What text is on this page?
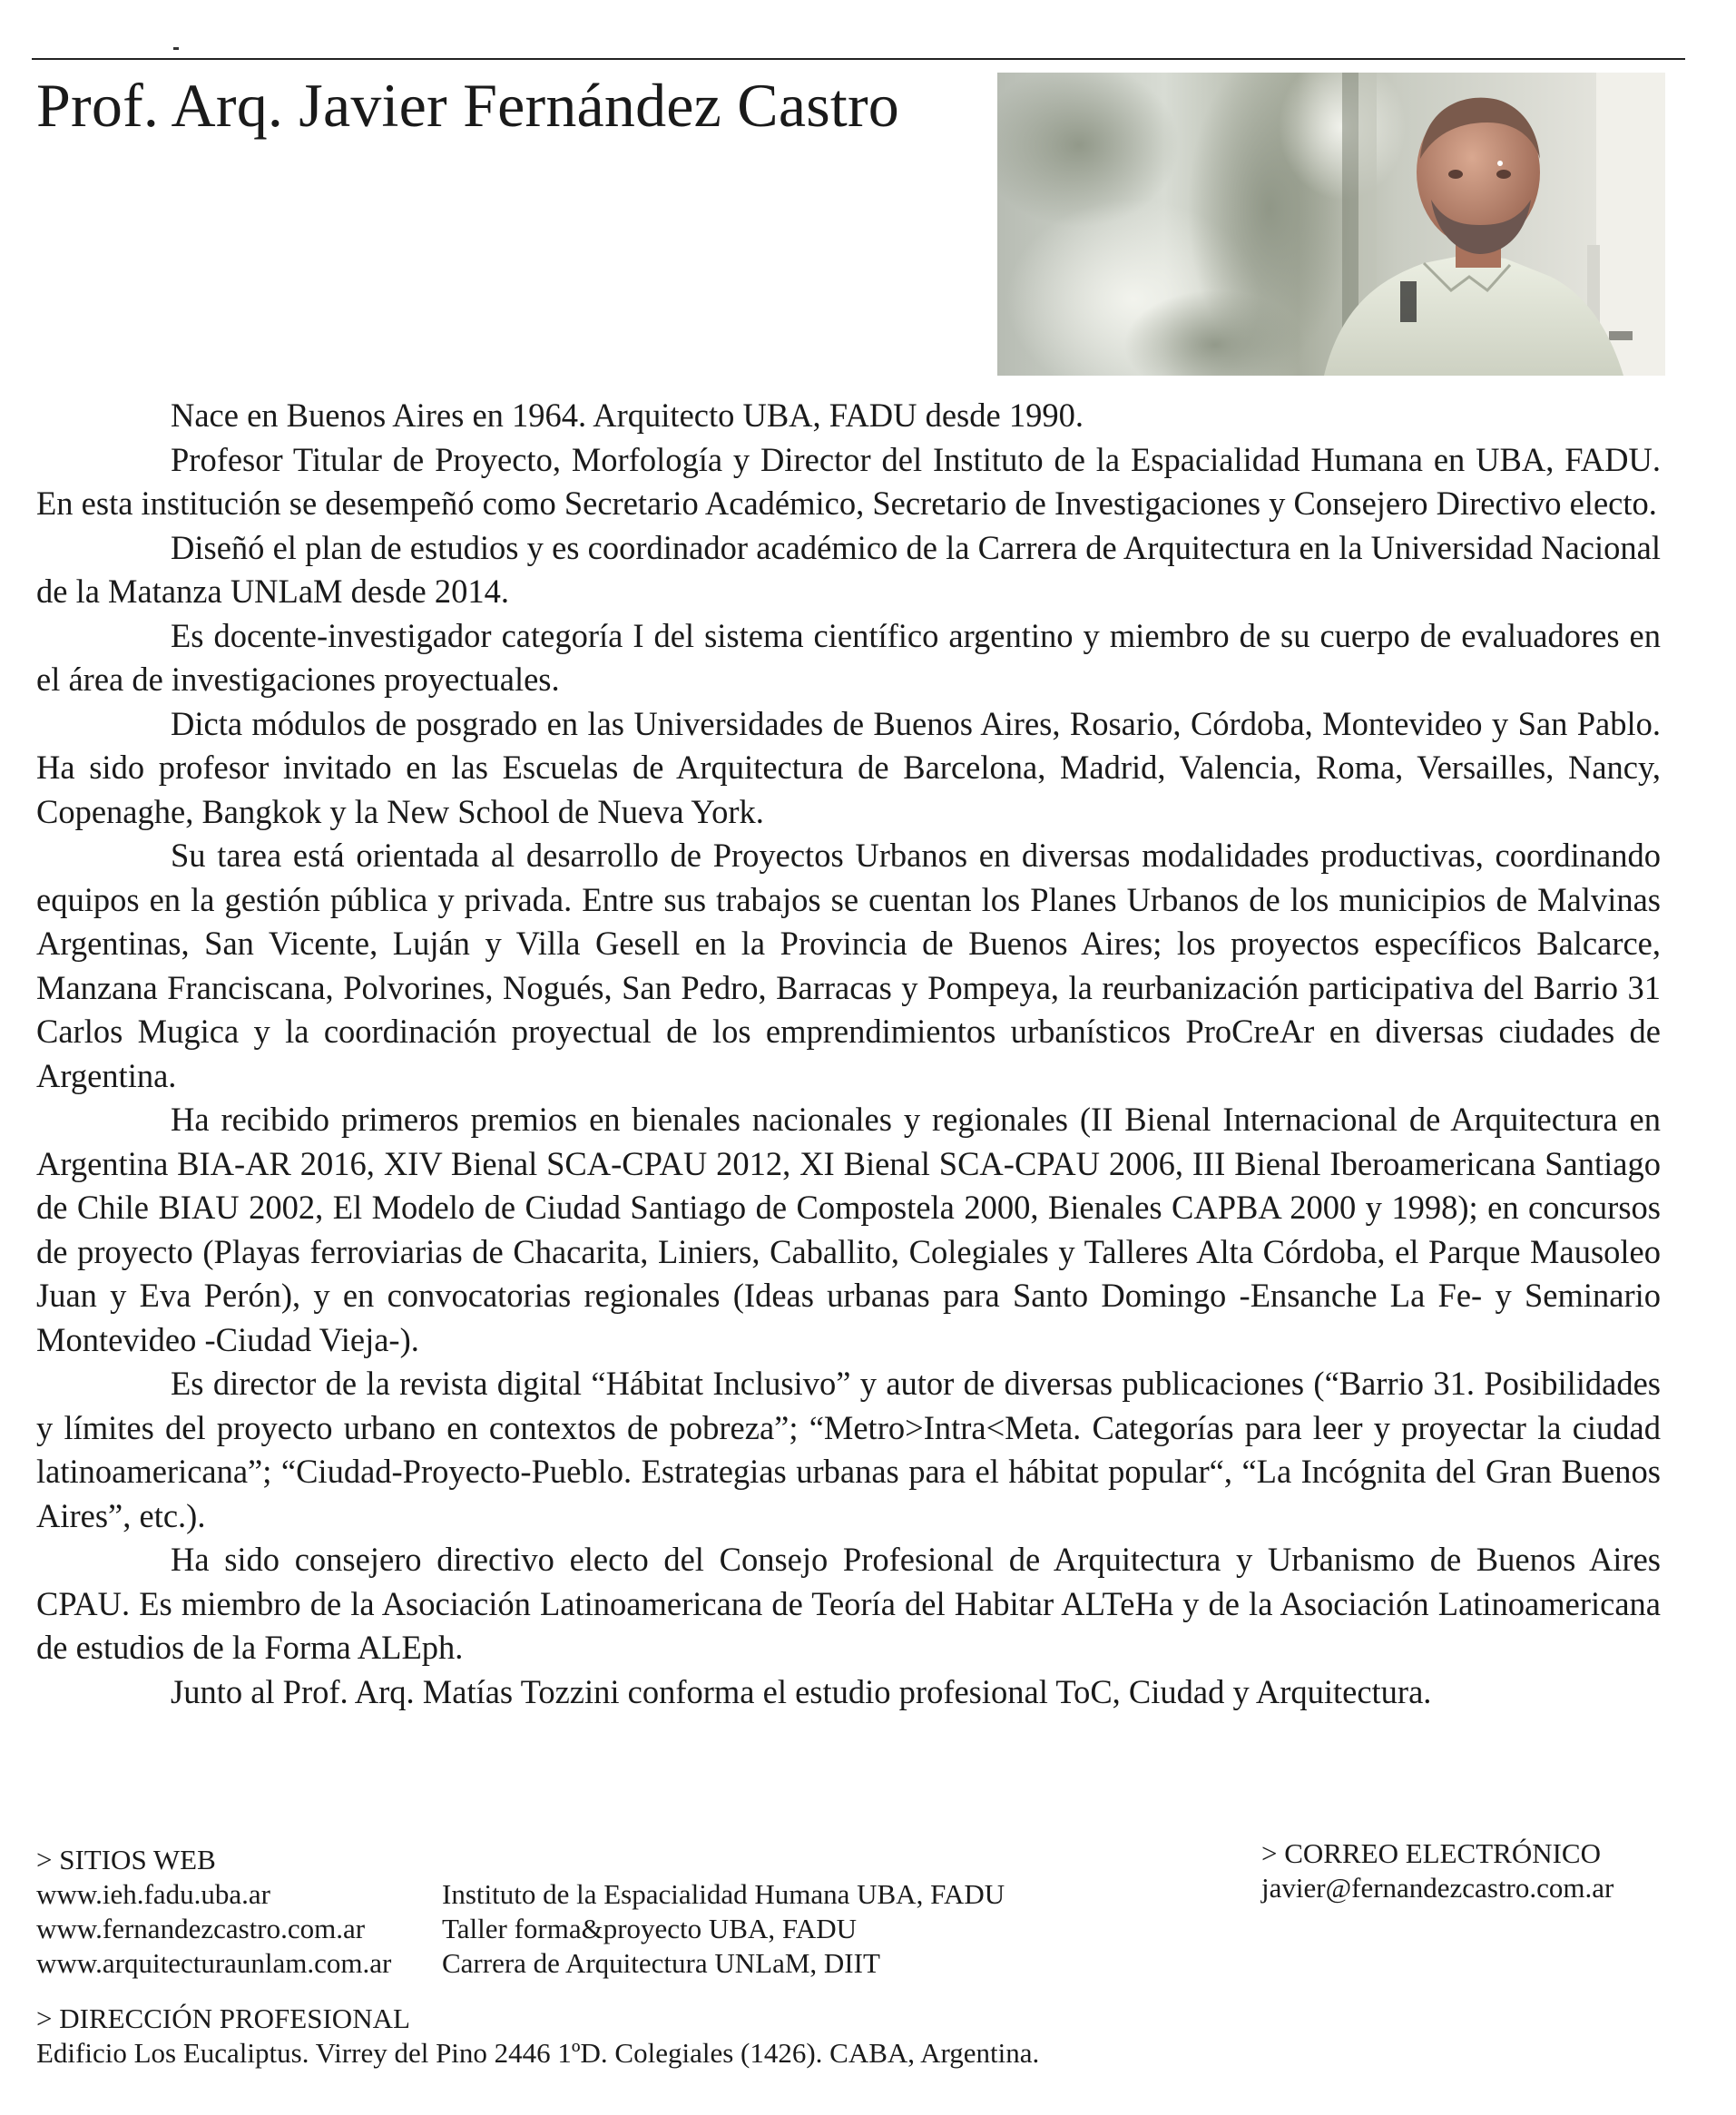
Prof. Arq. Javier Fernández Castro

Nace en Buenos Aires en 1964. Arquitecto UBA, FADU desde 1990.

Profesor Titular de Proyecto, Morfología y Director del Instituto de la Espacialidad Humana en UBA, FADU. En esta institución se desempeñó como Secretario Académico, Secretario de Investigaciones y Consejero Directivo electo.

Diseñó el plan de estudios y es coordinador académico de la Carrera de Arquitectura en la Universidad Nacional de la Matanza UNLaM desde 2014.

Es docente-investigador categoría I del sistema científico argentino y miembro de su cuerpo de evaluadores en el área de investigaciones proyectuales.

Dicta módulos de posgrado en las Universidades de Buenos Aires, Rosario, Córdoba, Montevideo y San Pablo. Ha sido profesor invitado en las Escuelas de Arquitectura de Barcelona, Madrid, Valencia, Roma, Versailles, Nancy, Copenaghe, Bangkok y la New School de Nueva York.

Su tarea está orientada al desarrollo de Proyectos Urbanos en diversas modalidades productivas, coordinando equipos en la gestión pública y privada. Entre sus trabajos se cuentan los Planes Urbanos de los municipios de Malvinas Argentinas, San Vicente, Luján y Villa Gesell en la Provincia de Buenos Aires; los proyectos específicos Balcarce, Manzana Franciscana, Polvorines, Nogués, San Pedro, Barracas y Pompeya, la reurbanización participativa del Barrio 31 Carlos Mugica y la coordinación proyectual de los emprendimientos urbanísticos ProCreAr en diversas ciudades de Argentina.

Ha recibido primeros premios en bienales nacionales y regionales (II Bienal Internacional de Arquitectura en Argentina BIA-AR 2016, XIV Bienal SCA-CPAU 2012, XI Bienal SCA-CPAU 2006, III Bienal Iberoamericana Santiago de Chile BIAU 2002, El Modelo de Ciudad Santiago de Compostela 2000, Bienales CAPBA 2000 y 1998); en concursos de proyecto (Playas ferroviarias de Chacarita, Liniers, Caballito, Colegiales y Talleres Alta Córdoba, el Parque Mausoleo Juan y Eva Perón), y en convocatorias regionales (Ideas urbanas para Santo Domingo -Ensanche La Fe- y Seminario Montevideo -Ciudad Vieja-).

Es director de la revista digital “Hábitat Inclusivo” y autor de diversas publicaciones (“Barrio 31. Posibilidades y límites del proyecto urbano en contextos de pobreza”; “Metro>Intra<Meta. Categorías para leer y proyectar la ciudad latinoamericana”; “Ciudad-Proyecto-Pueblo. Estrategias urbanas para el hábitat popular“, “La Incógnita del Gran Buenos Aires”, etc.).

Ha sido consejero directivo electo del Consejo Profesional de Arquitectura y Urbanismo de Buenos Aires CPAU. Es miembro de la Asociación Latinoamericana de Teoría del Habitar ALTeHa y de la Asociación Latinoamericana de estudios de la Forma ALEph.

Junto al Prof. Arq. Matías Tozzini conforma el estudio profesional ToC, Ciudad y Arquitectura.

> SITIOS WEB
www.ieh.fadu.uba.ar	Instituto de la Espacialidad Humana UBA, FADU
www.fernandezcastro.com.ar	Taller forma&proyecto UBA, FADU
www.arquitecturaunlam.com.ar	Carrera de Arquitectura UNLaM, DIIT
> CORREO ELECTRÓNICO
javier@fernandezcastro.com.ar
> DIRECCIÓN PROFESIONAL
Edificio Los Eucaliptus. Virrey del Pino 2446 1ºD. Colegiales (1426). CABA, Argentina.
